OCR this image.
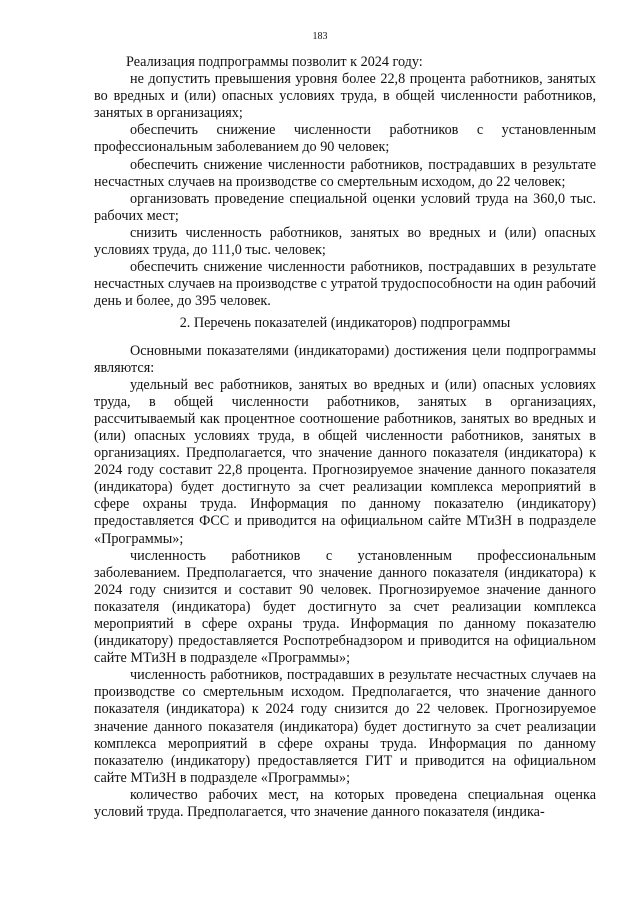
183

Реализация подпрограммы позволит к 2024 году:

не допустить превышения уровня более 22,8 процента работников, занятых во вредных и (или) опасных условиях труда, в общей численности работников, занятых в организациях;

обеспечить снижение численности работников с установленным профессиональным заболеванием до 90 человек;

обеспечить снижение численности работников, пострадавших в результате несчастных случаев на производстве со смертельным исходом, до 22 человек;

организовать проведение специальной оценки условий труда на 360,0 тыс. рабочих мест;

снизить численность работников, занятых во вредных и (или) опасных условиях труда, до 111,0 тыс. человек;

обеспечить снижение численности работников, пострадавших в результате несчастных случаев на производстве с утратой трудоспособности на один рабочий день и более, до 395 человек.

2. Перечень показателей (индикаторов) подпрограммы

Основными показателями (индикаторами) достижения цели подпрограммы являются:

удельный вес работников, занятых во вредных и (или) опасных условиях труда, в общей численности работников, занятых в организациях, рассчитываемый как процентное соотношение работников, занятых во вредных и (или) опасных условиях труда, в общей численности работников, занятых в организациях. Предполагается, что значение данного показателя (индикатора) к 2024 году составит 22,8 процента. Прогнозируемое значение данного показателя (индикатора) будет достигнуто за счет реализации комплекса мероприятий в сфере охраны труда. Информация по данному показателю (индикатору) предоставляется ФСС и приводится на официальном сайте МТиЗН в подразделе «Программы»;

численность работников с установленным профессиональным заболеванием. Предполагается, что значение данного показателя (индикатора) к 2024 году снизится и составит 90 человек. Прогнозируемое значение данного показателя (индикатора) будет достигнуто за счет реализации комплекса мероприятий в сфере охраны труда. Информация по данному показателю (индикатору) предоставляется Роспотребнадзором и приводится на официальном сайте МТиЗН в подразделе «Программы»;

численность работников, пострадавших в результате несчастных случаев на производстве со смертельным исходом. Предполагается, что значение данного показателя (индикатора) к 2024 году снизится до 22 человек. Прогнозируемое значение данного показателя (индикатора) будет достигнуто за счет реализации комплекса мероприятий в сфере охраны труда. Информация по данному показателю (индикатору) предоставляется ГИТ и приводится на официальном сайте МТиЗН в подразделе «Программы»;

количество рабочих мест, на которых проведена специальная оценка условий труда. Предполагается, что значение данного показателя (индика-
